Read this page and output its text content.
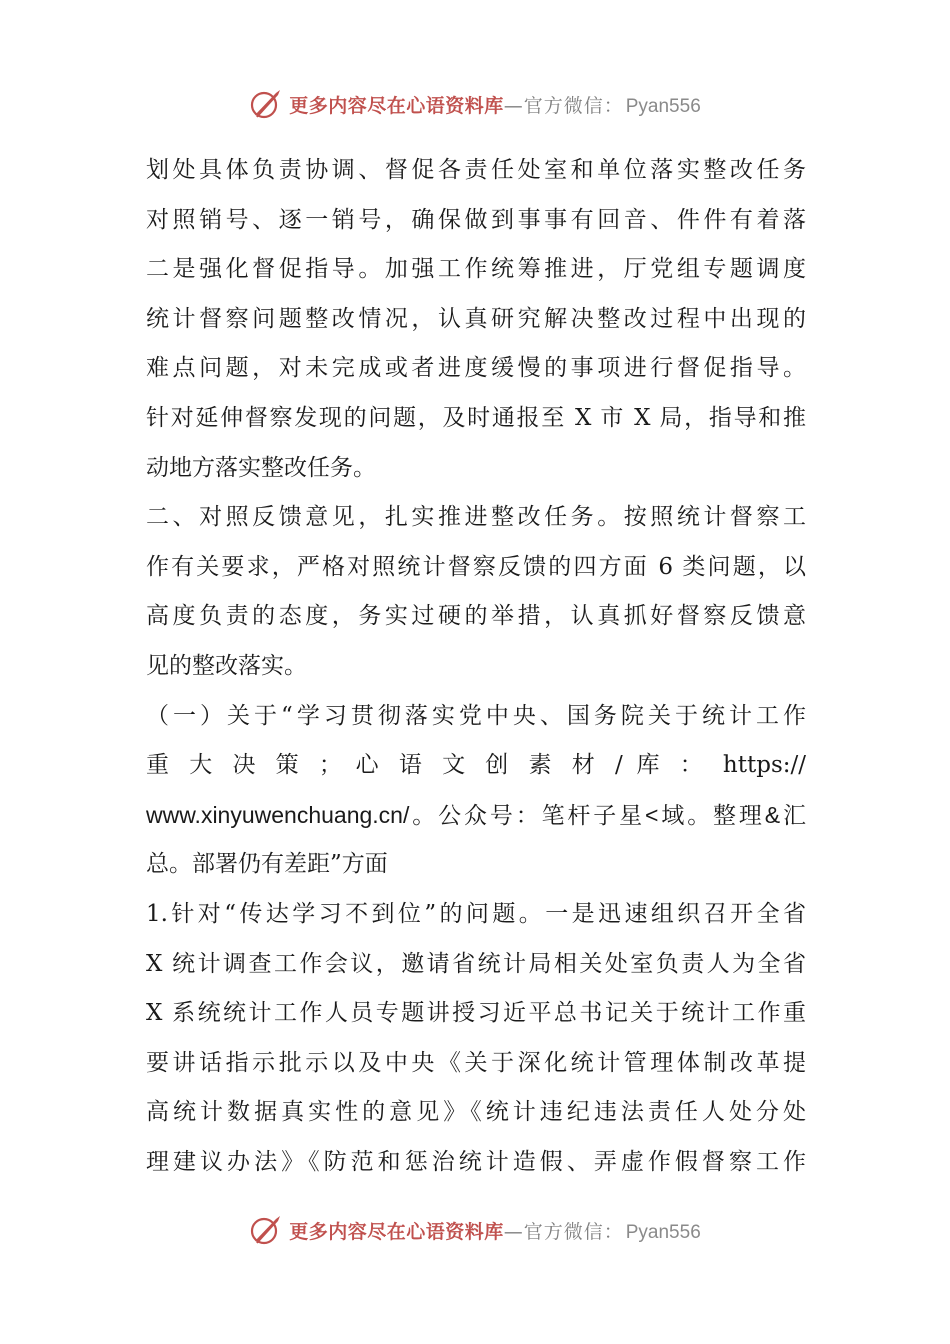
更多内容尽在心语资料库 — 官方微信： Pyan556
划处具体负责协调、督促各责任处室和单位落实整改任务
对照销号、逐一销号，确保做到事事有回音、件件有着落
二是强化督促指导。加强工作统筹推进，厅党组专题调度
统计督察问题整改情况，认真研究解决整改过程中出现的
难点问题，对未完成或者进度缓慢的事项进行督促指导。
针对延伸督察发现的问题，及时通报至 X 市 X 局，指导和推
动地方落实整改任务。
二、对照反馈意见，扎实推进整改任务。按照统计督察工
作有关要求，严格对照统计督察反馈的四方面 6 类问题，以
高度负责的态度，务实过硬的举措，认真抓好督察反馈意
见的整改落实。
（一）关于“学习贯彻落实党中央、国务院关于统计工作
重 大 决 策 ； 心 语 文 创 素 材 / 库 ： https://
www.xinyuwenchuang.cn/。公众号：笔杆子星<域。整理&汇
总。部署仍有差距”方面
1.针对“传达学习不到位”的问题。一是迅速组织召开全省
X 统计调查工作会议，邀请省统计局相关处室负责人为全省
X 系统统计工作人员专题讲授习近平总书记关于统计工作重
要讲话指示批示以及中央《关于深化统计管理体制改革提
高统计数据真实性的意见》《统计违纪违法责任人处分处
理建议办法》《防范和惩治统计造假、弄虚作假督察工作
更多内容尽在心语资料库 — 官方微信： Pyan556
